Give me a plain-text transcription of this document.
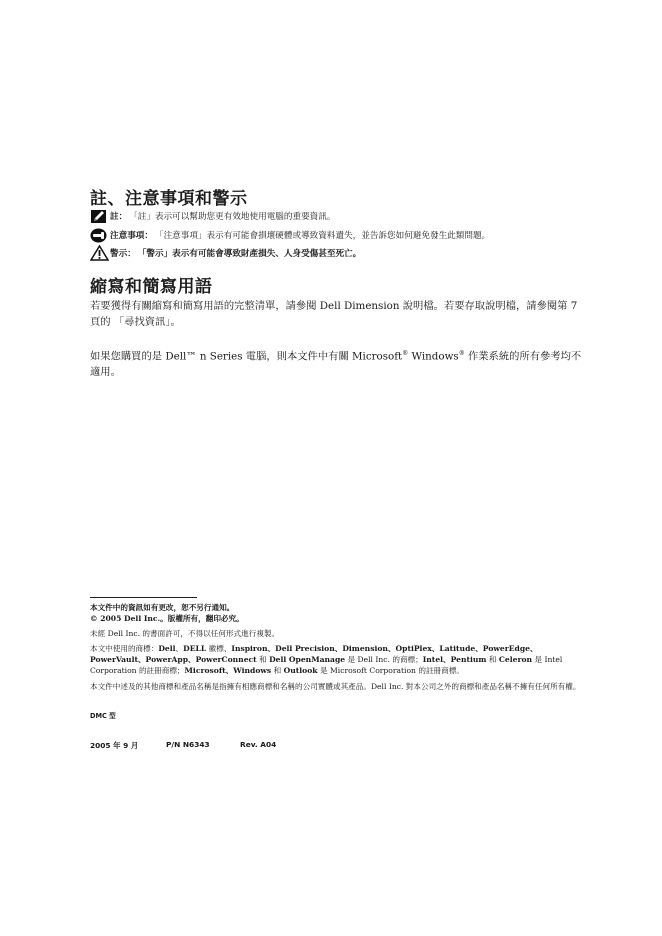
註、注意事項和警示
註： 「註」表示可以幫助您更有效地使用電腦的重要資訊。
注意事項： 「注意事項」表示有可能會損壞硬體或導致資料遺失，並告訴您如何避免發生此類問題。
警示： 「警示」表示有可能會導致財產損失、人身受傷甚至死亡。
縮寫和簡寫用語
若要獲得有關縮寫和簡寫用語的完整清單，請參閱 Dell Dimension 說明檔。若要存取說明檔，請參閱第 7 頁的 「尋找資訊」。
如果您購買的是 Dell™ n Series 電腦，則本文件中有關 Microsoft® Windows® 作業系統的所有參考均不適用。
本文件中的資訊如有更改，恕不另行通知。
© 2005 Dell Inc.。版權所有，翻印必究。
未經 Dell Inc. 的書面許可，不得以任何形式進行複製。
本文中使用的商標：Dell、DELL 徽標、Inspiron、Dell Precision、Dimension、OptiPlex、Latitude、PowerEdge、PowerVault、PowerApp、PowerConnect 和 Dell OpenManage 是 Dell Inc. 的商標；Intel、Pentium 和 Celeron 是 Intel Corporation 的註冊商標；Microsoft、Windows 和 Outlook 是 Microsoft Corporation 的註冊商標。
本文件中述及的其他商標和產品名稱是指擁有相應商標和名稱的公司實體或其產品。Dell Inc. 對本公司之外的商標和產品名稱不擁有任何所有權。
DMC 型
2005 年 9 月	P/N N6343	Rev. A04
